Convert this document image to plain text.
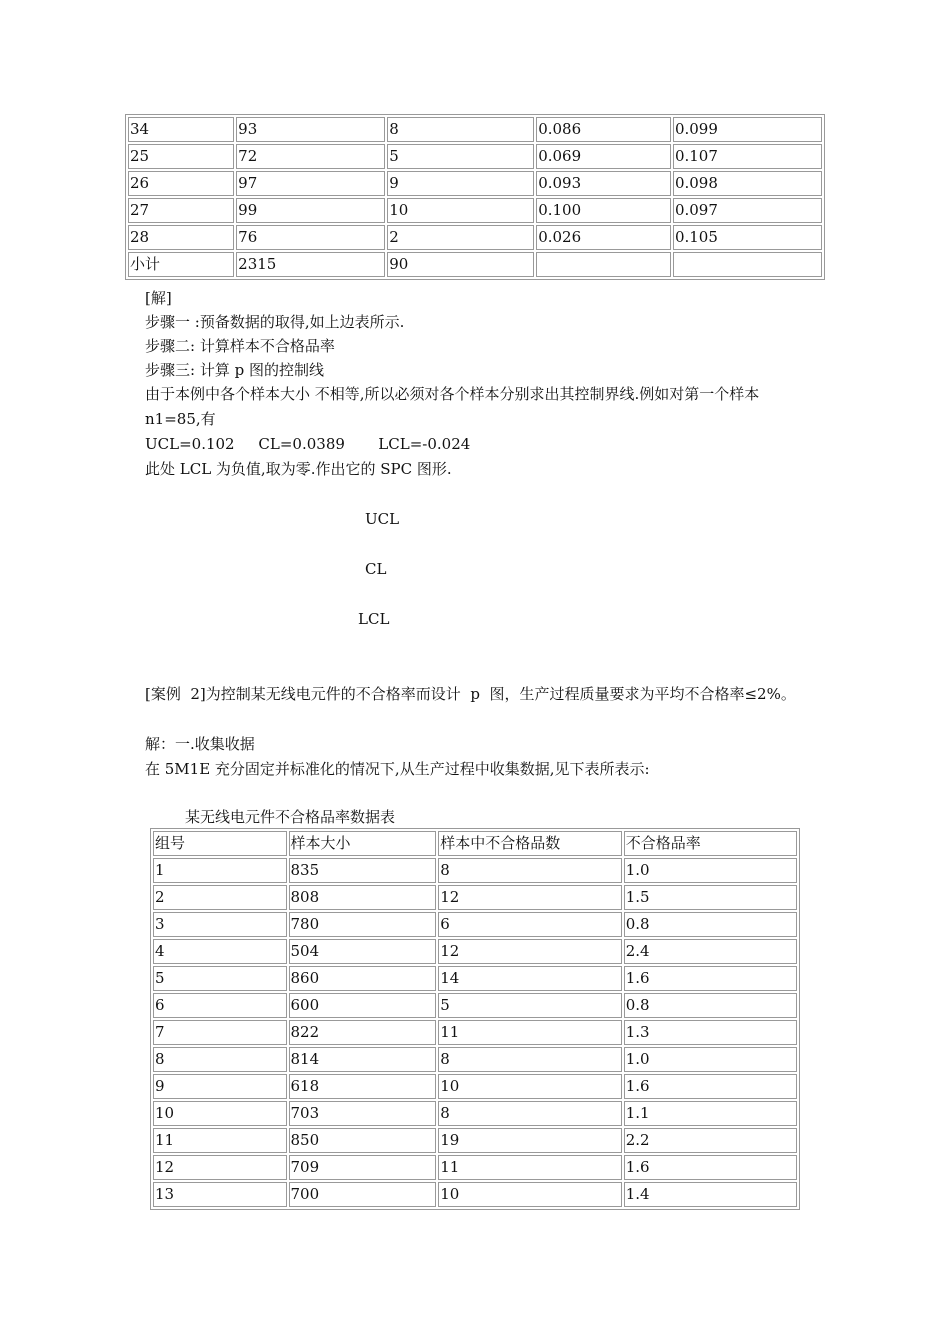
34	93	8	0.086	0.099
25	72	5	0.069	0.107
26	97	9	0.093	0.098
27	99	10	0.100	0.097
28	76	2	0.026	0.105
小计	2315	90		
[解]
步骤一 :预备数据的取得,如上边表所示.
步骤二: 计算样本不合格品率
步骤三: 计算 p 图的控制线
由于本例中各个样本大小 不相等,所以必须对各个样本分别求出其控制界线.例如对第一个样本 n1=85,有
UCL=0.102     CL=0.0389       LCL=-0.024
此处 LCL 为负值,取为零.作出它的 SPC 图形.
UCL
CL
LCL
[案例  2]为控制某无线电元件的不合格率而设计  p  图，生产过程质量要求为平均不合格率≤2%。
解：一.收集收据
在 5M1E 充分固定并标准化的情况下,从生产过程中收集数据,见下表所表示:
某无线电元件不合格品率数据表
组号	样本大小	样本中不合格品数	不合格品率
1	835	8	1.0
2	808	12	1.5
3	780	6	0.8
4	504	12	2.4
5	860	14	1.6
6	600	5	0.8
7	822	11	1.3
8	814	8	1.0
9	618	10	1.6
10	703	8	1.1
11	850	19	2.2
12	709	11	1.6
13	700	10	1.4
